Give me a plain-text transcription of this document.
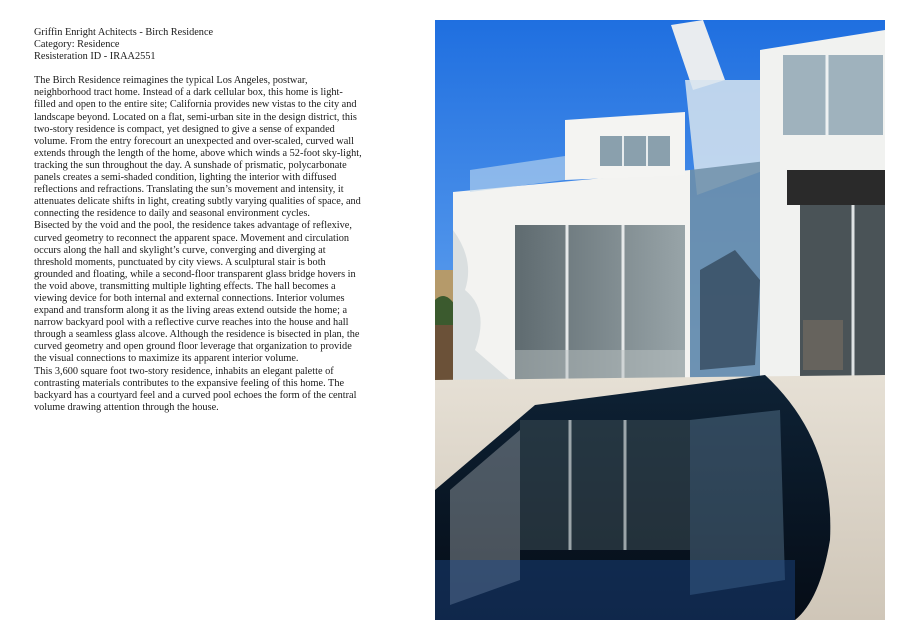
Griffin Enright Achitects - Birch Residence

Category: Residence

Resisteration ID - IRAA2551

The Birch Residence reimagines the typical Los Angeles, postwar, neighborhood tract home. Instead of a dark cellular box, this home is light-filled and open to the entire site; California provides new vistas to the city and landscape beyond. Located on a flat, semi-urban site in the design district, this two-story residence is compact, yet designed to give a sense of expanded volume. From the entry forecourt an unexpected and over-scaled, curved wall extends through the length of the home, above which winds a 52-foot sky-light, tracking the sun throughout the day. A sunshade of prismatic, polycarbonate panels creates a semi-shaded condition, lighting the interior with diffused reflections and refractions. Translating the sun’s movement and intensity, it attenuates delicate shifts in light, creating subtly varying qualities of space, and connecting the residence to daily and seasonal environment cycles.

Bisected by the void and the pool, the residence takes advantage of reflexive, curved geometry to reconnect the apparent space. Movement and circulation occurs along the hall and skylight’s curve, converging and diverging at threshold moments, punctuated by city views. A sculptural stair is both grounded and floating, while a second-floor transparent glass bridge hovers in the void above, transmitting multiple lighting effects. The hall becomes a viewing device for both internal and external connections. Interior volumes expand and transform along it as the living areas extend outside the home; a narrow backyard pool with a reflective curve reaches into the house and hall through a seamless glass alcove. Although the residence is bisected in plan, the curved geometry and open ground floor leverage that organization to provide the visual connections to maximize its apparent interior volume.

This 3,600 square foot two-story residence, inhabits an elegant palette of contrasting materials contributes to the expansive feeling of this home. The backyard has a courtyard feel and a curved pool echoes the form of the central volume drawing attention through the house.
